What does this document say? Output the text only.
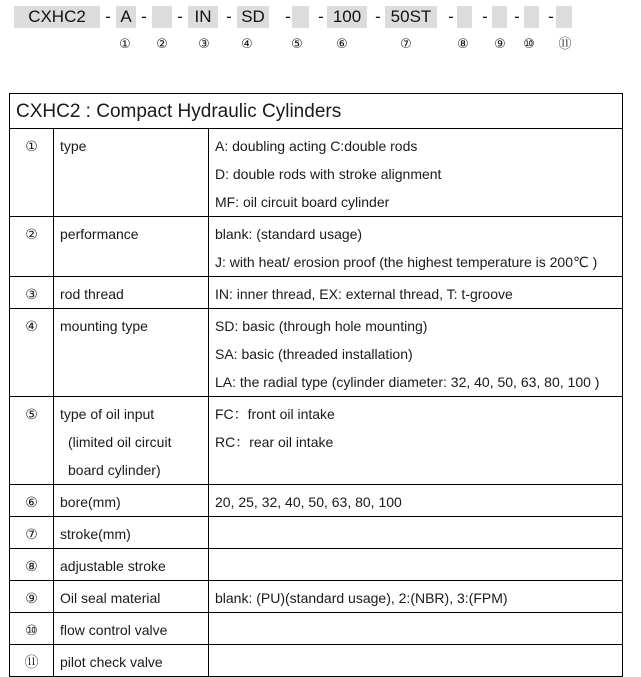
CXHC2	- A - - IN - SD - - 100 - 50ST - - - -
①	②	③	④	⑤	⑥	⑦	⑧	⑨	⑩	⑪
CXHC2 : Compact Hydraulic Cylinders		
①	type	A: doubling acting C:double rods
D: double rods with stroke alignment
MF: oil circuit board cylinder

②	performance	blank: (standard usage)
J: with heat/ erosion proof (the highest temperature is 200℃ )

③	rod thread	IN: inner thread, EX: external thread, T: t-groove

④	mounting type	SD: basic (through hole mounting)
SA: basic (threaded installation)
LA: the radial type (cylinder diameter: 32, 40, 50, 63, 80, 100 )

⑤	type of oil input
(limited oil circuit
board cylinder)	FC：front oil intake
RC：rear oil intake

⑥	bore(mm)	20, 25, 32, 40, 50, 63, 80, 100

⑦	stroke(mm)	

⑧	adjustable stroke	

⑨	Oil seal material	blank: (PU)(standard usage), 2:(NBR), 3:(FPM)

⑩	flow control valve	

⑪	pilot check valve	
